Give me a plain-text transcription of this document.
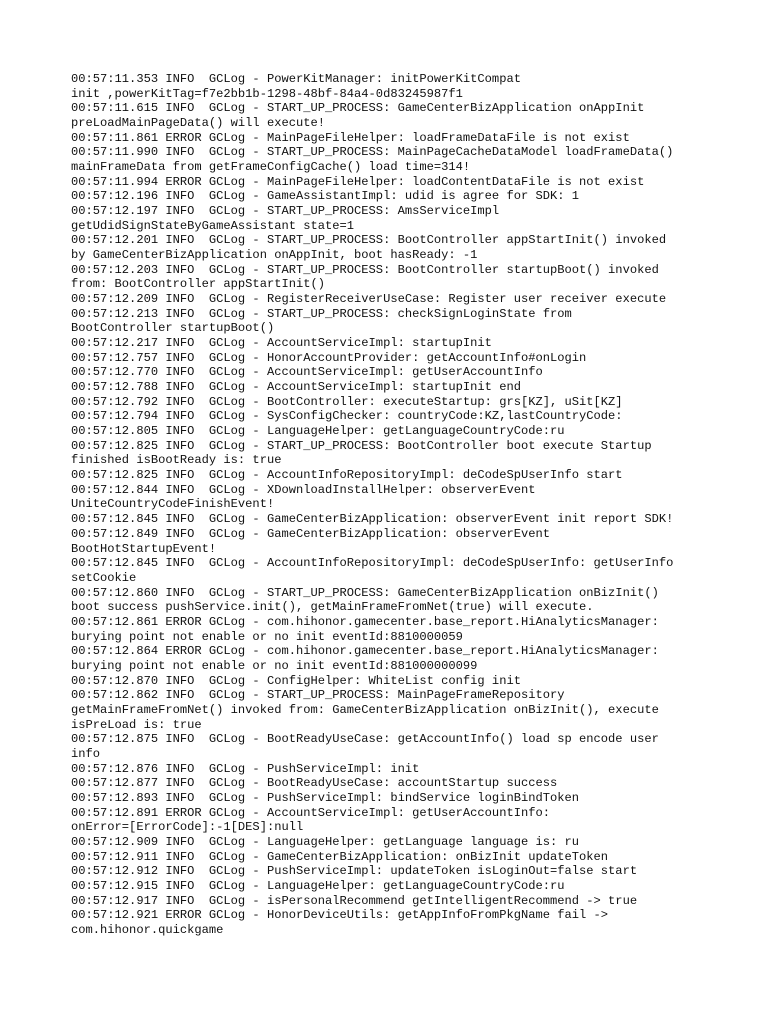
00:57:11.353 INFO  GCLog - PowerKitManager: initPowerKitCompat
init ,powerKitTag=f7e2bb1b-1298-48bf-84a4-0d83245987f1
00:57:11.615 INFO  GCLog - START_UP_PROCESS: GameCenterBizApplication onAppInit
preLoadMainPageData() will execute!
00:57:11.861 ERROR GCLog - MainPageFileHelper: loadFrameDataFile is not exist
00:57:11.990 INFO  GCLog - START_UP_PROCESS: MainPageCacheDataModel loadFrameData()
mainFrameData from getFrameConfigCache() load time=314!
00:57:11.994 ERROR GCLog - MainPageFileHelper: loadContentDataFile is not exist
00:57:12.196 INFO  GCLog - GameAssistantImpl: udid is agree for SDK: 1
00:57:12.197 INFO  GCLog - START_UP_PROCESS: AmsServiceImpl
getUdidSignStateByGameAssistant state=1
00:57:12.201 INFO  GCLog - START_UP_PROCESS: BootController appStartInit() invoked
by GameCenterBizApplication onAppInit, boot hasReady: -1
00:57:12.203 INFO  GCLog - START_UP_PROCESS: BootController startupBoot() invoked
from: BootController appStartInit()
00:57:12.209 INFO  GCLog - RegisterReceiverUseCase: Register user receiver execute
00:57:12.213 INFO  GCLog - START_UP_PROCESS: checkSignLoginState from
BootController startupBoot()
00:57:12.217 INFO  GCLog - AccountServiceImpl: startupInit
00:57:12.757 INFO  GCLog - HonorAccountProvider: getAccountInfo#onLogin
00:57:12.770 INFO  GCLog - AccountServiceImpl: getUserAccountInfo
00:57:12.788 INFO  GCLog - AccountServiceImpl: startupInit end
00:57:12.792 INFO  GCLog - BootController: executeStartup: grs[KZ], uSit[KZ]
00:57:12.794 INFO  GCLog - SysConfigChecker: countryCode:KZ,lastCountryCode:
00:57:12.805 INFO  GCLog - LanguageHelper: getLanguageCountryCode:ru
00:57:12.825 INFO  GCLog - START_UP_PROCESS: BootController boot execute Startup
finished isBootReady is: true
00:57:12.825 INFO  GCLog - AccountInfoRepositoryImpl: deCodeSpUserInfo start
00:57:12.844 INFO  GCLog - XDownloadInstallHelper: observerEvent
UniteCountryCodeFinishEvent!
00:57:12.845 INFO  GCLog - GameCenterBizApplication: observerEvent init report SDK!
00:57:12.849 INFO  GCLog - GameCenterBizApplication: observerEvent
BootHotStartupEvent!
00:57:12.845 INFO  GCLog - AccountInfoRepositoryImpl: deCodeSpUserInfo: getUserInfo
setCookie
00:57:12.860 INFO  GCLog - START_UP_PROCESS: GameCenterBizApplication onBizInit()
boot success pushService.init(), getMainFrameFromNet(true) will execute.
00:57:12.861 ERROR GCLog - com.hihonor.gamecenter.base_report.HiAnalyticsManager:
burying point not enable or no init eventId:8810000059
00:57:12.864 ERROR GCLog - com.hihonor.gamecenter.base_report.HiAnalyticsManager:
burying point not enable or no init eventId:881000000099
00:57:12.870 INFO  GCLog - ConfigHelper: WhiteList config init
00:57:12.862 INFO  GCLog - START_UP_PROCESS: MainPageFrameRepository
getMainFrameFromNet() invoked from: GameCenterBizApplication onBizInit(), execute
isPreLoad is: true
00:57:12.875 INFO  GCLog - BootReadyUseCase: getAccountInfo() load sp encode user
info
00:57:12.876 INFO  GCLog - PushServiceImpl: init
00:57:12.877 INFO  GCLog - BootReadyUseCase: accountStartup success
00:57:12.893 INFO  GCLog - PushServiceImpl: bindService loginBindToken
00:57:12.891 ERROR GCLog - AccountServiceImpl: getUserAccountInfo:
onError=[ErrorCode]:-1[DES]:null
00:57:12.909 INFO  GCLog - LanguageHelper: getLanguage language is: ru
00:57:12.911 INFO  GCLog - GameCenterBizApplication: onBizInit updateToken
00:57:12.912 INFO  GCLog - PushServiceImpl: updateToken isLoginOut=false start
00:57:12.915 INFO  GCLog - LanguageHelper: getLanguageCountryCode:ru
00:57:12.917 INFO  GCLog - isPersonalRecommend getIntelligentRecommend -> true
00:57:12.921 ERROR GCLog - HonorDeviceUtils: getAppInfoFromPkgName fail ->
com.hihonor.quickgame
